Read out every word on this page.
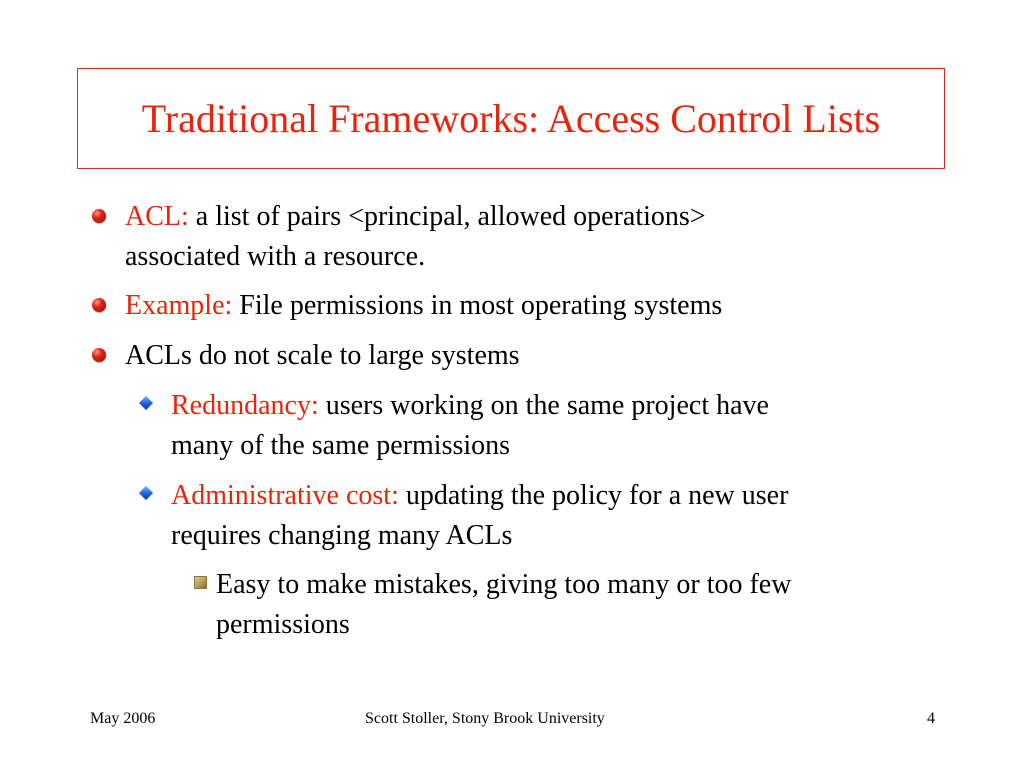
Traditional Frameworks: Access Control Lists
ACL: a list of pairs <principal, allowed operations>
associated with a resource.
Example: File permissions in most operating systems
ACLs do not scale to large systems
Redundancy: users working on the same project have
many of the same permissions
Administrative cost: updating the policy for a new user
requires changing many ACLs
Easy to make mistakes, giving too many or too few
permissions
May 2006	Scott Stoller, Stony Brook University	4
